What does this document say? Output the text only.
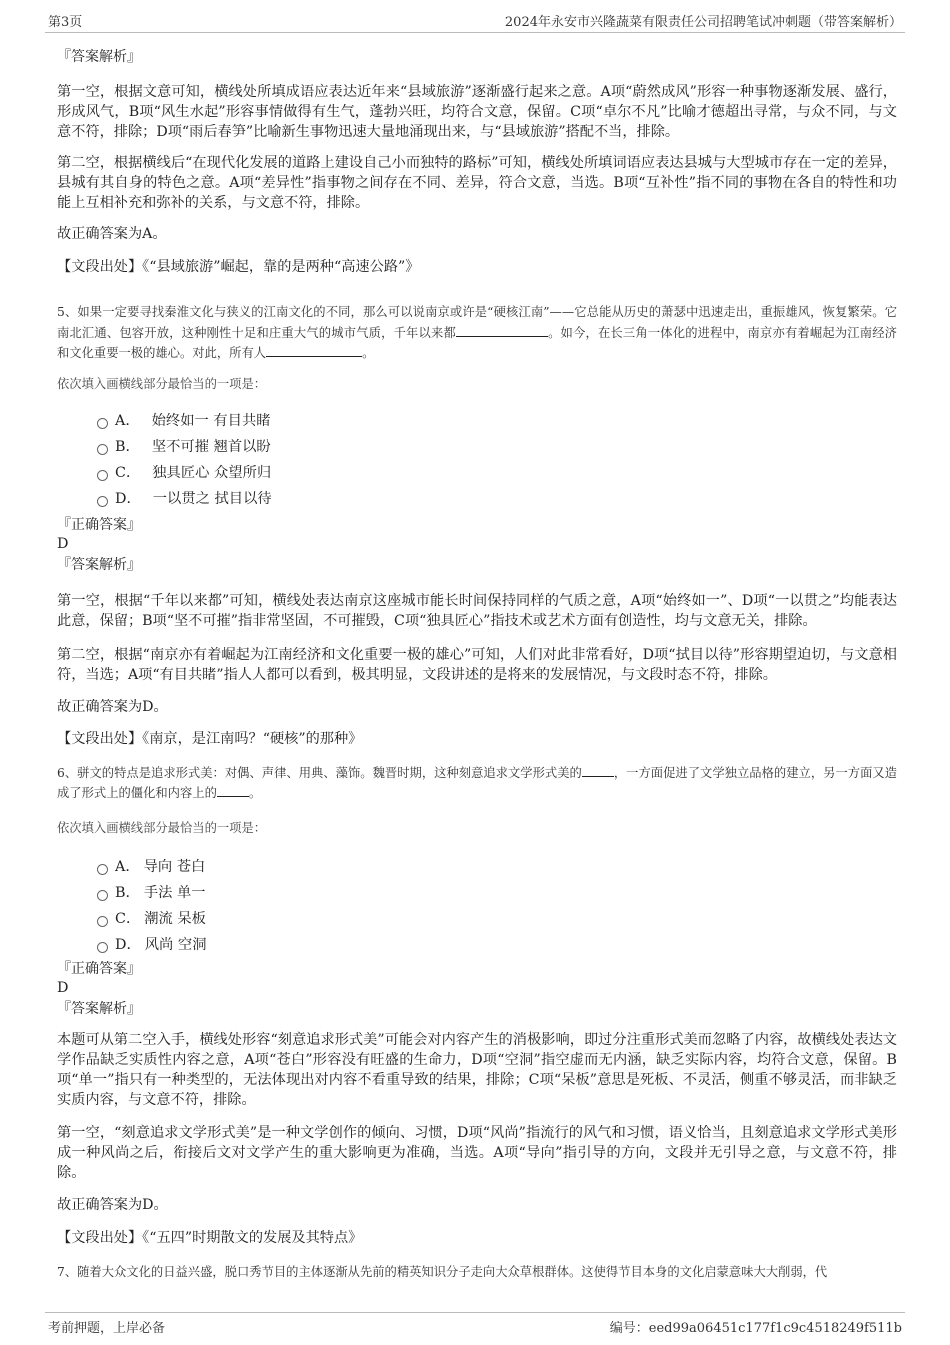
第3页	2024年永安市兴隆蔬菜有限责任公司招聘笔试冲刺题（带答案解析）

『答案解析』

第一空，根据文意可知，横线处所填成语应表达近年来“县域旅游”逐渐盛行起来之意。A项“蔚然成风”形容一种事物逐渐发展、盛行，形成风气，B项“风生水起”形容事情做得有生气，蓬勃兴旺，均符合文意，保留。C项“卓尔不凡”比喻才德超出寻常，与众不同，与文意不符，排除；D项“雨后春笋”比喻新生事物迅速大量地涌现出来，与“县域旅游”搭配不当，排除。

第二空，根据横线后“在现代化发展的道路上建设自己小而独特的路标”可知，横线处所填词语应表达县城与大型城市存在一定的差异，县城有其自身的特色之意。A项“差异性”指事物之间存在不同、差异，符合文意，当选。B项“互补性”指不同的事物在各自的特性和功能上互相补充和弥补的关系，与文意不符，排除。

故正确答案为A。

【文段出处】《“县域旅游”崛起，靠的是两种“高速公路”》

5、如果一定要寻找秦淮文化与狭义的江南文化的不同，那么可以说南京或许是“硬核江南”——它总能从历史的萧瑟中迅速走出，重振雄风，恢复繁荣。它南北汇通、包容开放，这种刚性十足和庄重大气的城市气质，千年以来都	。如今，在长三角一体化的进程中，南京亦有着崛起为江南经济和文化重要一极的雄心。对此，所有人	。

依次填入画横线部分最恰当的一项是：

A． 始终如一 有目共睹
B． 坚不可摧 翘首以盼
C． 独具匠心 众望所归
D． 一以贯之 拭目以待

『正确答案』

D

『答案解析』

第一空，根据“千年以来都”可知，横线处表达南京这座城市能长时间保持同样的气质之意，A项“始终如一”、D项“一以贯之”均能表达此意，保留；B项“坚不可摧”指非常坚固，不可摧毁，C项“独具匠心”指技术或艺术方面有创造性，均与文意无关，排除。

第二空，根据“南京亦有着崛起为江南经济和文化重要一极的雄心”可知，人们对此非常看好，D项“拭目以待”形容期望迫切，与文意相符，当选；A项“有目共睹”指人人都可以看到，极其明显，文段讲述的是将来的发展情况，与文段时态不符，排除。

故正确答案为D。

【文段出处】《南京，是江南吗？“硬核”的那种》

6、骈文的特点是追求形式美：对偶、声律、用典、藻饰。魏晋时期，这种刻意追求文学形式美的	，一方面促进了文学独立品格的建立，另一方面又造成了形式上的僵化和内容上的	。

依次填入画横线部分最恰当的一项是：

A． 导向 苍白
B． 手法 单一
C． 潮流 呆板
D． 风尚 空洞

『正确答案』

D

『答案解析』

本题可从第二空入手，横线处形容“刻意追求形式美”可能会对内容产生的消极影响，即过分注重形式美而忽略了内容，故横线处表达文学作品缺乏实质性内容之意，A项“苍白”形容没有旺盛的生命力，D项“空洞”指空虚而无内涵，缺乏实际内容，均符合文意，保留。B项“单一”指只有一种类型的，无法体现出对内容不看重导致的结果，排除；C项“呆板”意思是死板、不灵活，侧重不够灵活，而非缺乏实质内容，与文意不符，排除。

第一空，“刻意追求文学形式美”是一种文学创作的倾向、习惯，D项“风尚”指流行的风气和习惯，语义恰当，且刻意追求文学形式美形成一种风尚之后，衔接后文对文学产生的重大影响更为准确，当选。A项“导向”指引导的方向，文段并无引导之意，与文意不符，排除。

故正确答案为D。

【文段出处】《“五四”时期散文的发展及其特点》

7、随着大众文化的日益兴盛，脱口秀节目的主体逐渐从先前的精英知识分子走向大众草根群体。这使得节目本身的文化启蒙意味大大削弱，代

考前押题，上岸必备	编号：eed99a06451c177f1c9c4518249f511b
